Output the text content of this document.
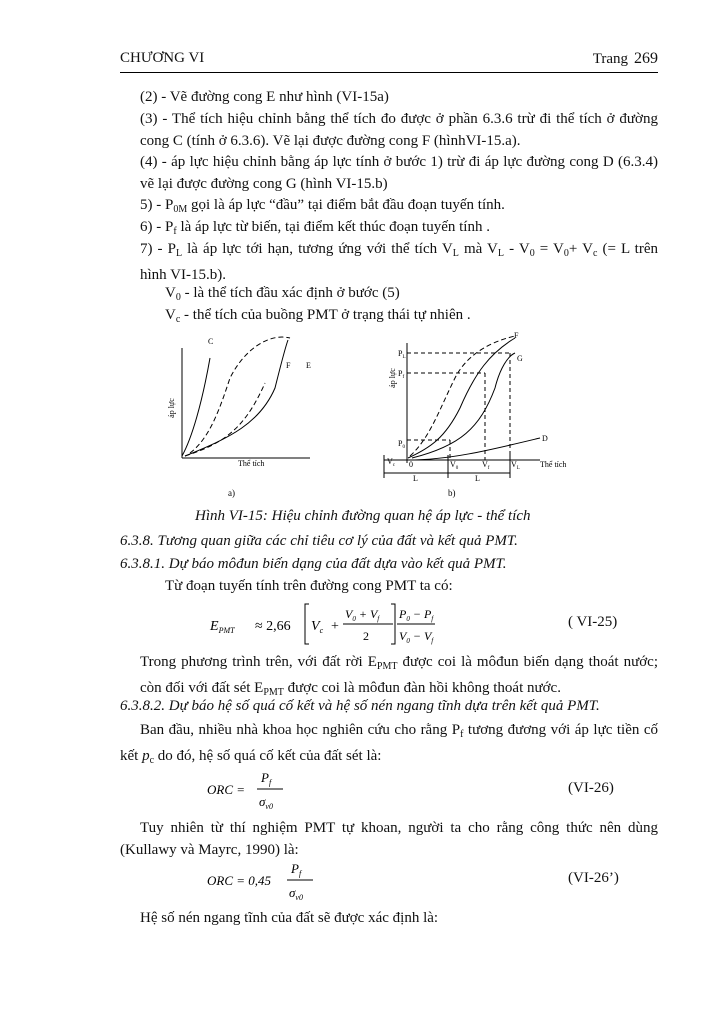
CHƯƠNG VI	Trang 269
(2) - Vẽ đường cong E như hình (VI-15a)
(3) - Thể tích hiệu chỉnh bằng thể tích đo được ở phần 6.3.6 trừ đi thể tích ở đường cong C (tính ở 6.3.6). Vẽ lại được đường cong F (hìnhVI-15.a).
(4) - áp lực hiệu chỉnh bằng áp lực tính ở bước 1) trừ đi áp lực đường cong D (6.3.4) vẽ lại được đường cong G (hình VI-15.b)
$5) - P_{0M}$ gọi là áp lực “đầu” tại điểm bắt đầu đoạn tuyến tính.
$6) - P_f$ là áp lực từ biến, tại điểm kết thúc đoạn tuyến tính .
$7) - P_L$ là áp lực tới hạn, tương ứng với thể tích $V_L$ mà $V_L - V_0 = V_0+ V_c$ (= L trên hình VI-15.b).
$V_0$ - là thể tích đầu xác định ở bước (5)
$V_c$ - thể tích của buồng PMT ở trạng thái tự nhiên .
áp lực
Thể tích
C
F E
a)
áp lực
$P_L$
$P_f$
$P_0$
F
G
D
$V_c$ 0	$V_0$	$V_f$	$V_L$	Thể tích
L	L
b)
Hình VI-15: Hiệu chỉnh đường quan hệ áp lực - thể tích
6.3.8. Tương quan giữa các chỉ tiêu cơ lý của đất và kết quả PMT.
6.3.8.1. Dự báo môđun biến dạng của đất dựa vào kết quả PMT.
Từ đoạn tuyến tính trên đường cong PMT ta có:
$E_{PMT} \approx 2,66$ $V_c$ +
$V_0 + V_f$
2
$P_0 - P_f$
$V_0 - V_f$
( VI-25)
Trong phương trình trên, với đất rời $E_{PMT}$ được coi là môđun biến dạng thoát nước; còn đối với đất sét $E_{PMT}$ được coi là môđun đàn hồi không thoát nước.
6.3.8.2. Dự báo hệ số quá cố kết và hệ số nén ngang tĩnh dựa trên kết quả PMT.
Ban đầu, nhiều nhà khoa học nghiên cứu cho rằng $P_f$ tương đương với áp lực tiền cố kết $p_c$ do đó, hệ số quá cố kết của đất sét là:
ORC =
$P_f$
$\sigma_{v0}$
(VI-26)
Tuy nhiên từ thí nghiệm PMT tự khoan, người ta cho rằng công thức nên dùng (Kullawy và Mayrc, 1990) là:
ORC = 0,45
$P_f$
$\sigma_{v0}$
(VI-26’)
Hệ số nén ngang tĩnh của đất sẽ được xác định là:
